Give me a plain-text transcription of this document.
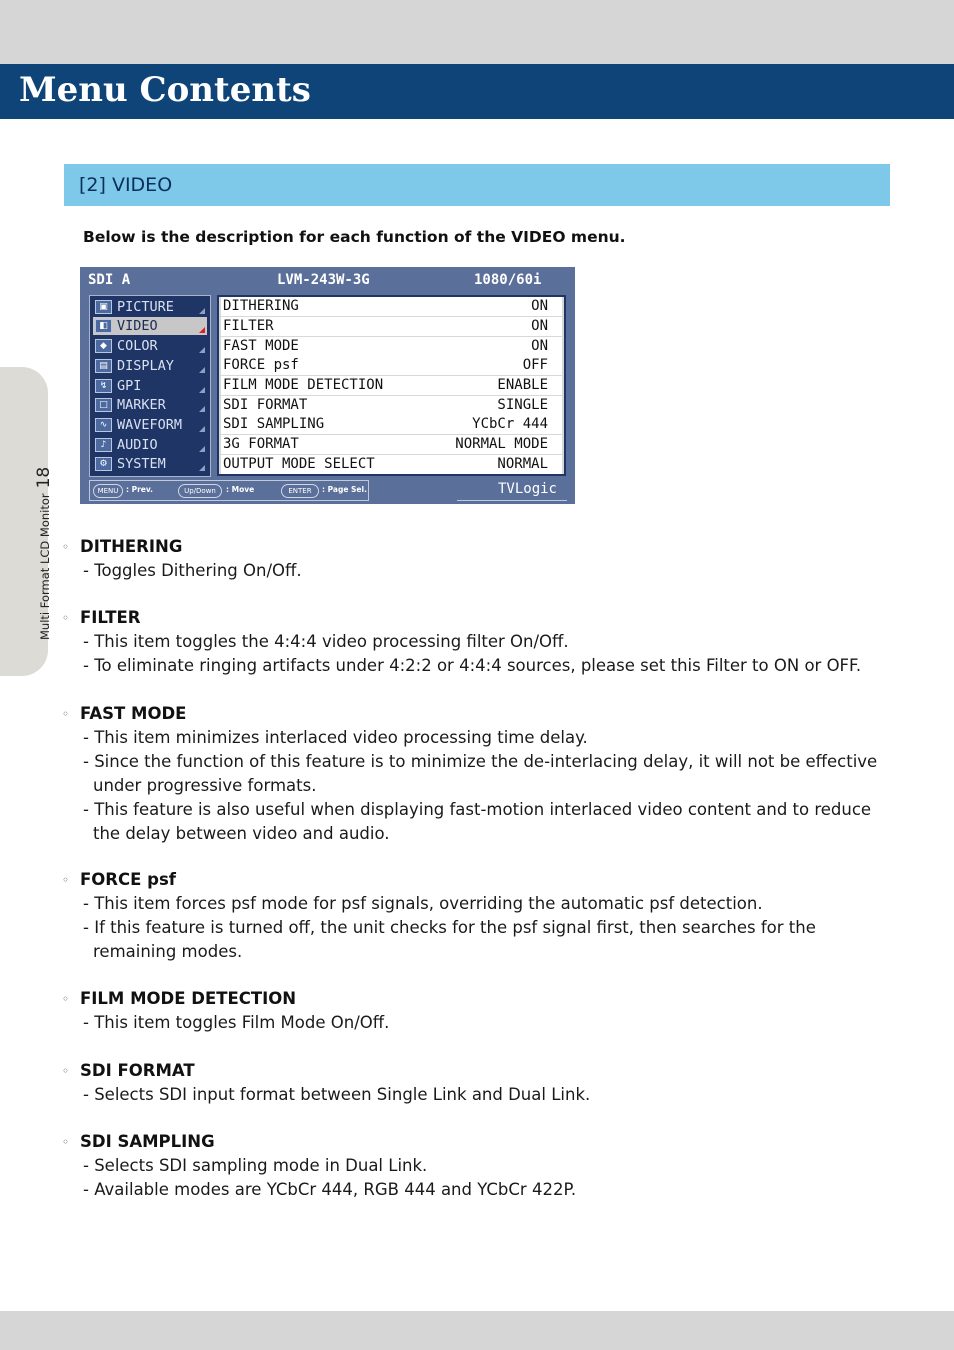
Menu Contents
Multi Format LCD Monitor18
[2] VIDEO
Below is the description for each function of the VIDEO menu.
SDI A	LVM-243W-3G	1080/60i
▣ PICTURE
◧ VIDEO
◆ COLOR
▤ DISPLAY
↯ GPI
□ MARKER
∿ WAVEFORM
♪ AUDIO
⚙ SYSTEM
DITHERING	ON
FILTER	ON
FAST MODE	ON
FORCE psf	OFF
FILM MODE DETECTION	ENABLE
SDI FORMAT	SINGLE
SDI SAMPLING	YCbCr 444
3G FORMAT	NORMAL MODE
OUTPUT MODE SELECT	NORMAL
MENU	: Prev.	Up/Down	: Move	ENTER	: Page Sel.	TVLogic
◦ DITHERING
- Toggles Dithering On/Off.
◦ FILTER
- This item toggles the 4:4:4 video processing filter On/Off.
- To eliminate ringing artifacts under 4:2:2 or 4:4:4 sources, please set this Filter to ON or OFF.
◦ FAST MODE
- This item minimizes interlaced video processing time delay.
- Since the function of this feature is to minimize the de-interlacing delay, it will not be effective under progressive formats.
- This feature is also useful when displaying fast-motion interlaced video content and to reduce the delay between video and audio.
◦ FORCE psf
- This item forces psf mode for psf signals, overriding the automatic psf detection.
- If this feature is turned off, the unit checks for the psf signal first, then searches for the remaining modes.
◦ FILM MODE DETECTION
- This item toggles Film Mode On/Off.
◦ SDI FORMAT
- Selects SDI input format between Single Link and Dual Link.
◦ SDI SAMPLING
- Selects SDI sampling mode in Dual Link.
- Available modes are YCbCr 444, RGB 444 and YCbCr 422P.
